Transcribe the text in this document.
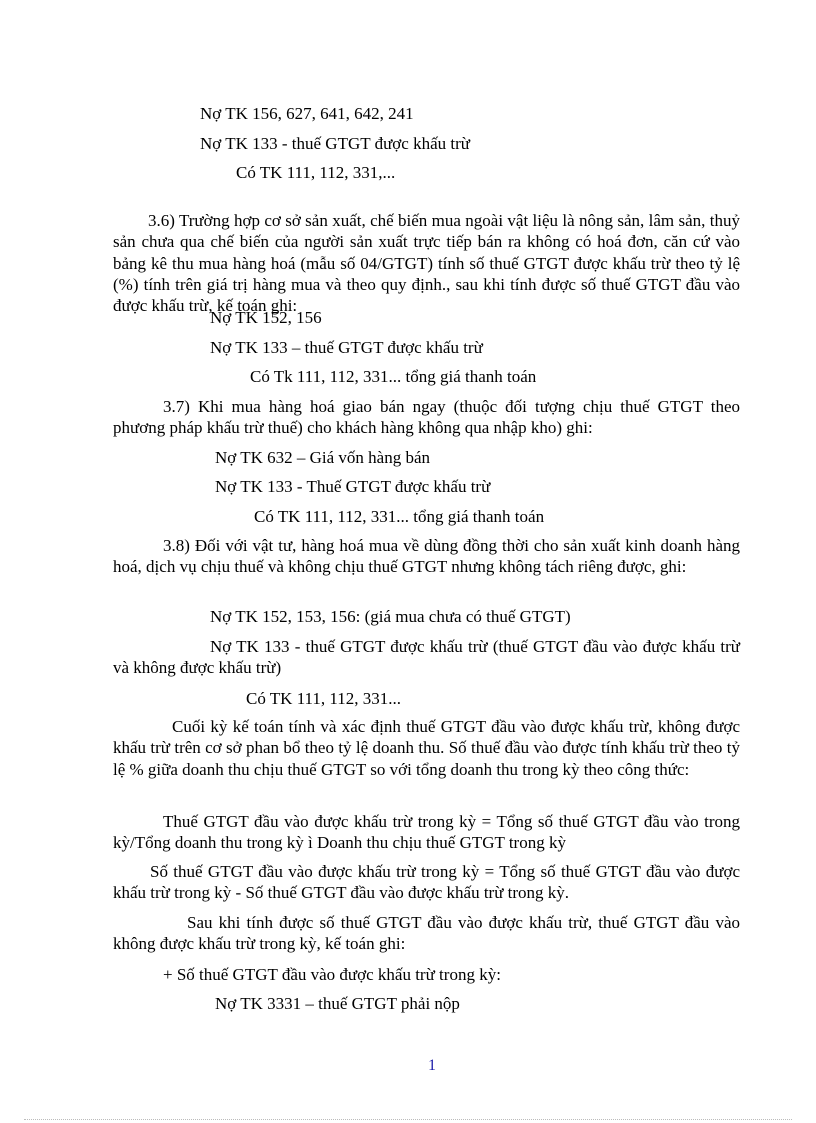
Nợ TK 156, 627, 641, 642, 241
Nợ TK 133 - thuế GTGT được khấu trừ
Có TK 111, 112, 331,...
3.6) Trường hợp cơ sở sản xuất, chế biến mua ngoài vật liệu là nông sản, lâm sản, thuỷ sản chưa qua chế biến của người sản xuất trực tiếp bán ra không có hoá đơn, căn cứ vào bảng kê thu mua hàng hoá (mẫu số 04/GTGT) tính số thuế GTGT được khấu trừ theo tỷ lệ (%) tính trên giá trị hàng mua và theo quy định., sau khi tính được số thuế GTGT đầu vào được khấu trừ, kế toán ghi:
Nợ TK 152, 156
Nợ TK 133 – thuế GTGT được khấu trừ
Có Tk 111, 112, 331... tổng giá thanh toán
3.7) Khi mua hàng hoá giao bán ngay (thuộc đối tượng chịu thuế GTGT theo phương pháp khấu trừ thuế) cho khách hàng không qua nhập kho) ghi:
Nợ TK 632 – Giá vốn hàng bán
Nợ TK 133 - Thuế GTGT được khấu trừ
Có TK 111, 112, 331... tổng giá thanh toán
3.8) Đối với vật tư, hàng hoá mua về dùng đồng thời cho sản xuất kinh doanh hàng hoá, dịch vụ chịu thuế và không chịu thuế GTGT nhưng không tách riêng được, ghi:
Nợ TK 152, 153, 156: (giá mua chưa có thuế GTGT)
Nợ TK 133 - thuế GTGT được khấu trừ (thuế GTGT đầu vào được khấu trừ và không được khấu trừ)
Có TK 111, 112, 331...
Cuối kỳ kế toán tính và xác định thuế GTGT đầu vào được khấu trừ, không được khấu trừ trên cơ sở phan bổ theo tỷ lệ doanh thu. Số thuế đầu vào được tính khấu trừ theo tỷ lệ % giữa doanh thu chịu thuế GTGT so với tổng doanh thu trong kỳ theo công thức:
Thuế GTGT đầu vào được khấu trừ trong kỳ = Tổng số thuế GTGT đầu vào trong kỳ/Tổng doanh thu trong kỳ ì Doanh thu chịu thuế GTGT trong kỳ
Số thuế GTGT đầu vào được khấu trừ trong kỳ = Tổng số thuế GTGT đầu vào được khấu trừ trong kỳ - Số thuế GTGT đầu vào được khấu trừ trong kỳ.
Sau khi tính được số thuế GTGT đầu vào được khấu trừ, thuế GTGT đầu vào không được khấu trừ trong kỳ, kế toán ghi:
+ Số thuế GTGT đầu vào được khấu trừ trong kỳ:
Nợ TK 3331 – thuế GTGT phải nộp
1
